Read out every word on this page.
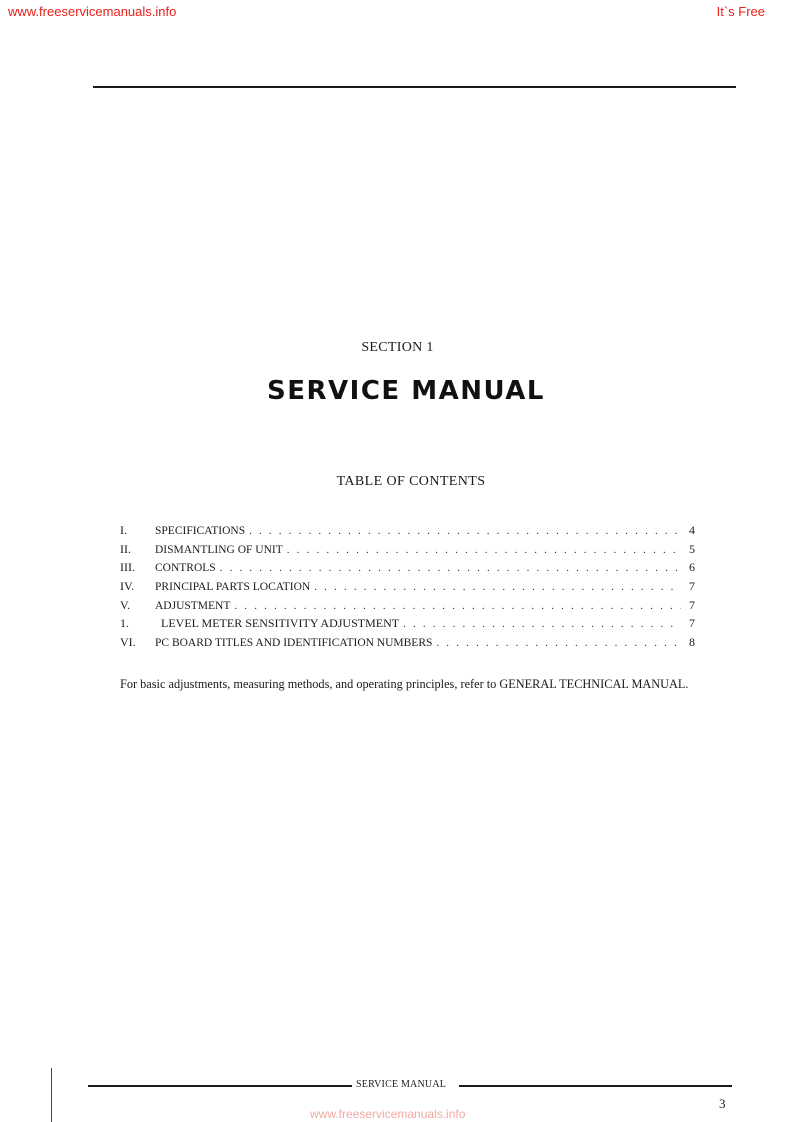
www.freeservicemanuals.info	It`s Free
SECTION 1
SERVICE MANUAL
TABLE OF CONTENTS
I.	SPECIFICATIONS . . .	4
II.	DISMANTLING OF UNIT . . .	5
III.	CONTROLS . . .	6
IV.	PRINCIPAL PARTS LOCATION . . .	7
V.	ADJUSTMENT . . .	7
1.	LEVEL METER SENSITIVITY ADJUSTMENT . . .	7
VI.	PC BOARD TITLES AND IDENTIFICATION NUMBERS . . .	8
For basic adjustments, measuring methods, and operating principles, refer to GENERAL TECHNICAL MANUAL.
SERVICE MANUAL
3
www.freeservicemanuals.info
